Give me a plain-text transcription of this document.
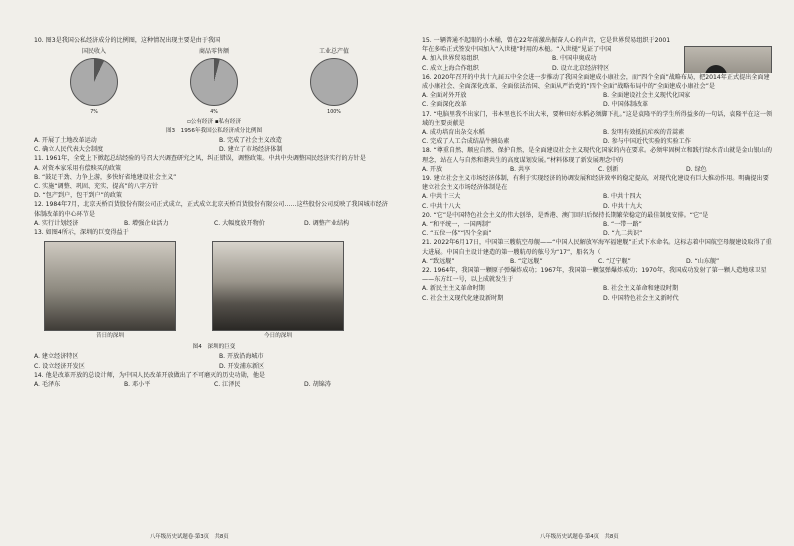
10. 图3是我国公私经济成分的比例图，这种情况出现主要是由于我国
国民收入
7%
商品零售额
4%
工业总产值
100%
▫公有经济 ▪私有经济
图3　1956年我国公私经济成分比例图
A. 开展了土地改革运动	B. 完成了社会主义改造
C. 确立人民代表大会制度	D. 建立了市场经济体制
11. 1961年，全党上下掀起总结经验的号召大兴调查研究之风，纠正错误，调整政策。中共中央调整国民经济实行的方针是
A. 对资本家采用有偿赎买的政策
B. “鼓足干劲、力争上游，多快好省地建设社会主义”
C. 实施“调整、巩固、充实、提高”的八字方针
D. “包产到户，包干到户”的政策
12. 1984年7月，北京天桥百货股份有限公司正式成立，正式成立北京天桥百货股份有限公司……这些股份公司反映了我国城市经济体制改革的中心环节是
A. 实行计划经济	B. 增强企业活力	C. 大幅度放开物价	D. 调整产业结构
13. 如图4所示，深圳的巨变得益于
昔日的深圳	今日的深圳
图4　深圳的巨变
A. 建立经济特区	B. 开放沿海城市
C. 设立经济开发区	D. 开发浦东新区
14. 他是改革开放的总设计师，为中国人民改革开放做出了不可磨灭的历史功勋，他是
A. 毛泽东	B. 邓小平	C. 江泽民	D. 胡锦涛
八年级历史试题卷·第3页　共8页
15. 一辆普通不起眼的小木桶，曾在22年前激出振奋人心的声音，它是世界贸易组织于2001年在多哈正式签发中国加入“入世槌”时用的木槌。“入世槌”见证了中国
A. 加入世界贸易组织	B. 中国申奥成功
C. 成立上海合作组织	D. 设立北京经济特区
16. 2020年召开的中共十九届五中全会进一步推动了我国全面建成小康社会，而“四个全面”战略布局，把2014年正式提出全面建成小康社会、全面深化改革、全面依法治国、全面从严治党的“四个全面”战略布局中的“全面建成小康社会”是
A. 全面对外开放	B. 全面建设社会主义现代化国家
C. 全面深化改革	D. 中国体制改革
17. “电脑里我不出家门，书本里也长不出大米，要种田好水稻必须脚下扎。”这是袁隆平的学生所得益多的一句话，袁隆平在这一领域的主要贡献是
A. 成功培育出杂交水稻	B. 发明有效抵抗疟疾的青蒿素
C. 完成了人工合成结晶牛胰岛素	D. 参与中国近代实验的实验工作
18. “尊重自然、顺应自然、保护自然，是全面建设社会主义现代化国家的内在要求。必须牢固树立和践行绿水青山就是金山银山的理念，站在人与自然和谐共生的高度谋划发展。”材料体现了新发展理念中的
A. 开放	B. 共享	C. 创新	D. 绿色
19. 建立社会主义市场经济体制，有利于实现经济的协调发展和经济效率的稳定提高，对现代化建设有巨大推动作用。明确提出要建立社会主义市场经济体制是在
A. 中共十三大	B. 中共十四大
C. 中共十八大	D. 中共十九大
20. “它”是中国特色社会主义的伟大创举，是香港、澳门回归后保持长期繁荣稳定的最佳制度安排。“它”是
A. “和平统一，一国两制”	B. “一带一路”
C. “五位一体”“四个全面”	D. “九二共识”
21. 2022年6月17日，中国第三艘航空母舰——“中国人民解放军海军福建舰”正式下水命名。这标志着中国航空母舰建设取得了重大进展。中国自主设计建造的第一艘航母的舷号为“17”，船名为（
A. “致远舰”	B. “定远舰”	C. “辽宁舰”	D. “山东舰”
22. 1964年，我国第一颗原子弹爆炸成功；1967年，我国第一颗氢弹爆炸成功；1970年，我国成功发射了第一颗人造地球卫星——东方红一号，以上成就发生于
A. 新民主主义革命时期	B. 社会主义革命和建设时期
C. 社会主义现代化建设新时期	D. 中国特色社会主义新时代
八年级历史试题卷·第4页　共8页
